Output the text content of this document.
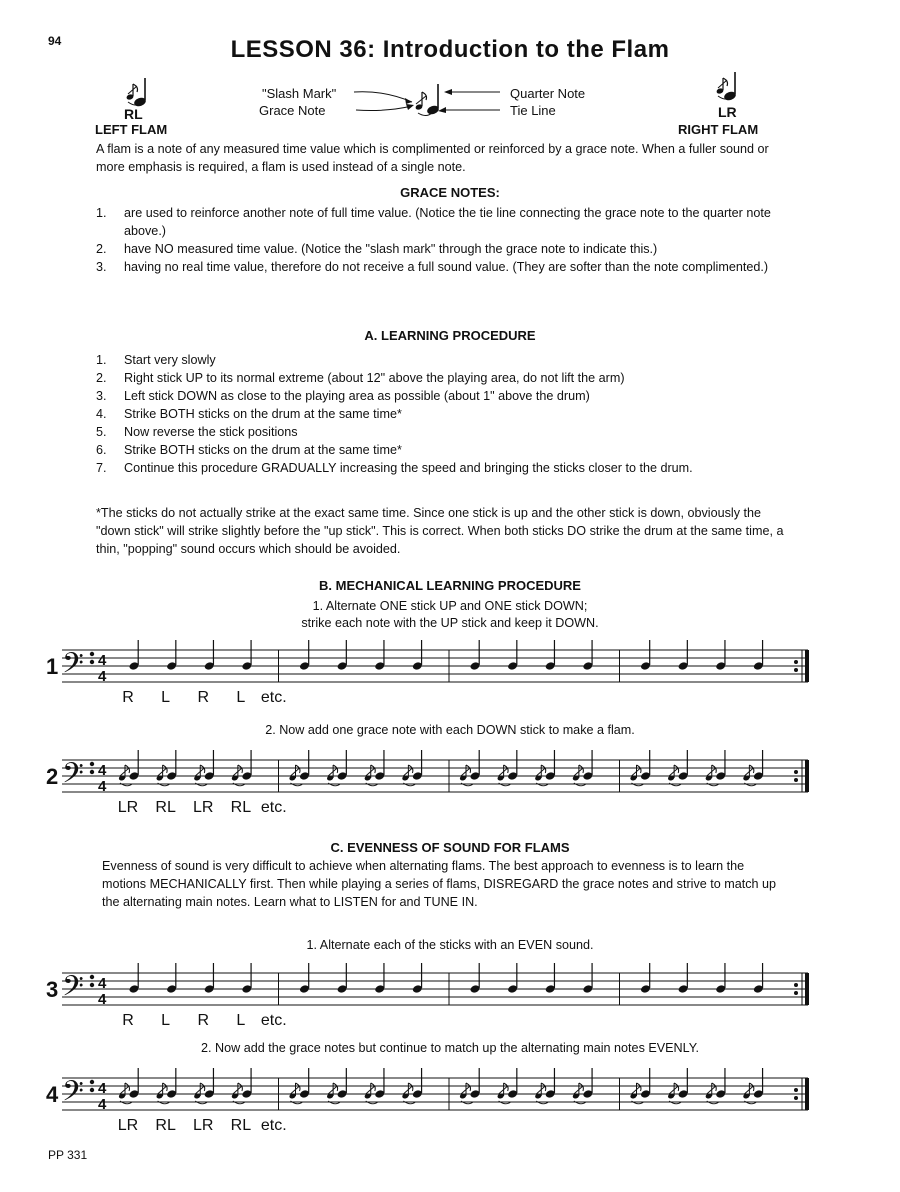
94	LESSON 36: Introduction to the Flam
RL
LEFT FLAM
"Slash Mark"
Grace Note
Quarter Note
Tie Line	LR
RIGHT FLAM
A flam is a note of any measured time value which is complimented or reinforced by a grace note. When a fuller sound or more emphasis is required, a flam is used instead of a single note.
GRACE NOTES:
1. are used to reinforce another note of full time value. (Notice the tie line connecting the grace note to the quarter note above.)
2. have NO measured time value. (Notice the "slash mark" through the grace note to indicate this.)
3. having no real time value, therefore do not receive a full sound value. (They are softer than the note complimented.)
A. LEARNING PROCEDURE
1. Start very slowly
2. Right stick UP to its normal extreme (about 12" above the playing area, do not lift the arm)
3. Left stick DOWN as close to the playing area as possible (about 1" above the drum)
4. Strike BOTH sticks on the drum at the same time*
5. Now reverse the stick positions
6. Strike BOTH sticks on the drum at the same time*
7. Continue this procedure GRADUALLY increasing the speed and bringing the sticks closer to the drum.
*The sticks do not actually strike at the exact same time. Since one stick is up and the other stick is down, obviously the "down stick" will strike slightly before the "up stick". This is correct. When both sticks DO strike the drum at the same time, a thin, "popping" sound occurs which should be avoided.
B. MECHANICAL LEARNING PROCEDURE
1. Alternate ONE stick UP and ONE stick DOWN;
strike each note with the UP stick and keep it DOWN.
1 𝄢 4
4
R L R L etc.
2. Now add one grace note with each DOWN stick to make a flam.
2 𝄢 4
4
LR RL LR RL etc.
C. EVENNESS OF SOUND FOR FLAMS
Evenness of sound is very difficult to achieve when alternating flams. The best approach to evenness is to learn the motions MECHANICALLY first. Then while playing a series of flams, DISREGARD the grace notes and strive to match up the alternating main notes. Learn what to LISTEN for and TUNE IN.
1. Alternate each of the sticks with an EVEN sound.
3 𝄢 4
4
R L R L etc.
2. Now add the grace notes but continue to match up the alternating main notes EVENLY.
4 𝄢 4
4
LR RL LR RL etc.
PP 331
